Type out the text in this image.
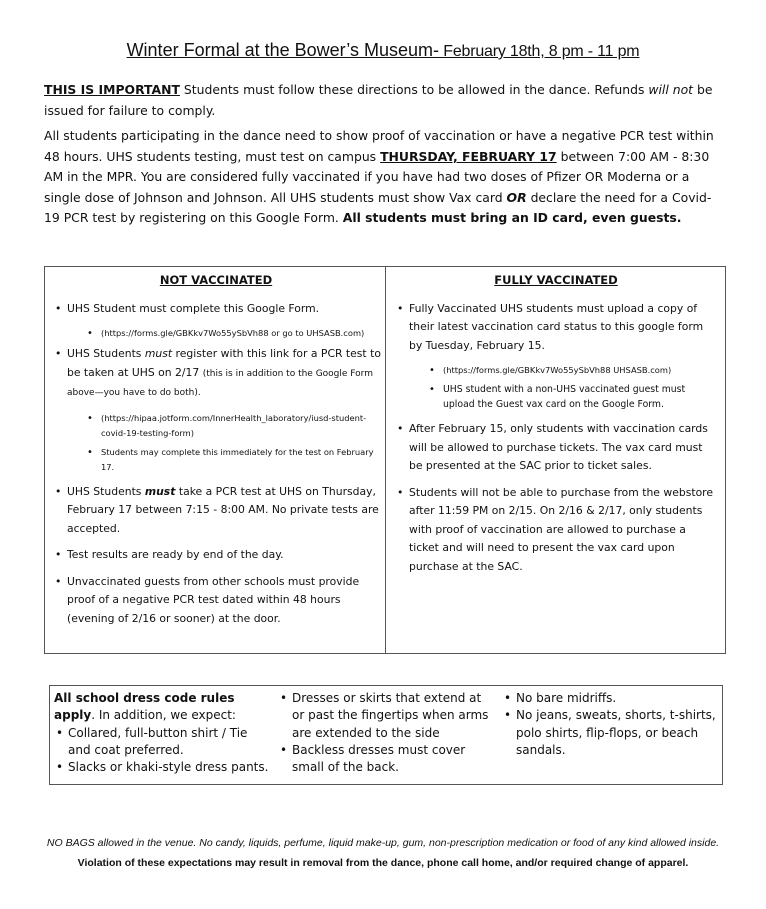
Winter Formal at the Bower’s Museum- February 18th, 8 pm - 11 pm
THIS IS IMPORTANT Students must follow these directions to be allowed in the dance. Refunds will not be issued for failure to comply.
All students participating in the dance need to show proof of vaccination or have a negative PCR test within 48 hours. UHS students testing, must test on campus THURSDAY, FEBRUARY 17 between 7:00 AM - 8:30 AM in the MPR. You are considered fully vaccinated if you have had two doses of Pfizer OR Moderna or a single dose of Johnson and Johnson. All UHS students must show Vax card OR declare the need for a Covid-19 PCR test by registering on this Google Form. All students must bring an ID card, even guests.
NOT VACCINATED
• UHS Student must complete this Google Form.
• (https://forms.gle/GBKkv7Wo55ySbVh88 or go to UHSASB.com)
• UHS Students must register with this link for a PCR test to be taken at UHS on 2/17 (this is in addition to the Google Form above—you have to do both).
• (https://hipaa.jotform.com/InnerHealth_laboratory/iusd-student-covid-19-testing-form)
• Students may complete this immediately for the test on February 17.
• UHS Students must take a PCR test at UHS on Thursday, February 17 between 7:15 - 8:00 AM. No private tests are accepted.
• Test results are ready by end of the day.
• Unvaccinated guests from other schools must provide proof of a negative PCR test dated within 48 hours (evening of 2/16 or sooner) at the door.
FULLY VACCINATED
• Fully Vaccinated UHS students must upload a copy of their latest vaccination card status to this google form by Tuesday, February 15.
• (https://forms.gle/GBKkv7Wo55ySbVh88 UHSASB.com)
• UHS student with a non-UHS vaccinated guest must upload the Guest vax card on the Google Form.
• After February 15, only students with vaccination cards will be allowed to purchase tickets. The vax card must be presented at the SAC prior to ticket sales.
• Students will not be able to purchase from the webstore after 11:59 PM on 2/15. On 2/16 & 2/17, only students with proof of vaccination are allowed to purchase a ticket and will need to present the vax card upon purchase at the SAC.
All school dress code rules apply. In addition, we expect:
• Collared, full-button shirt / Tie and coat preferred.
• Slacks or khaki-style dress pants.
• Dresses or skirts that extend at or past the fingertips when arms are extended to the side
• Backless dresses must cover small of the back.
• No bare midriffs.
• No jeans, sweats, shorts, t-shirts, polo shirts, flip-flops, or beach sandals.
NO BAGS allowed in the venue. No candy, liquids, perfume, liquid make-up, gum, non-prescription medication or food of any kind allowed inside.
Violation of these expectations may result in removal from the dance, phone call home, and/or required change of apparel.
